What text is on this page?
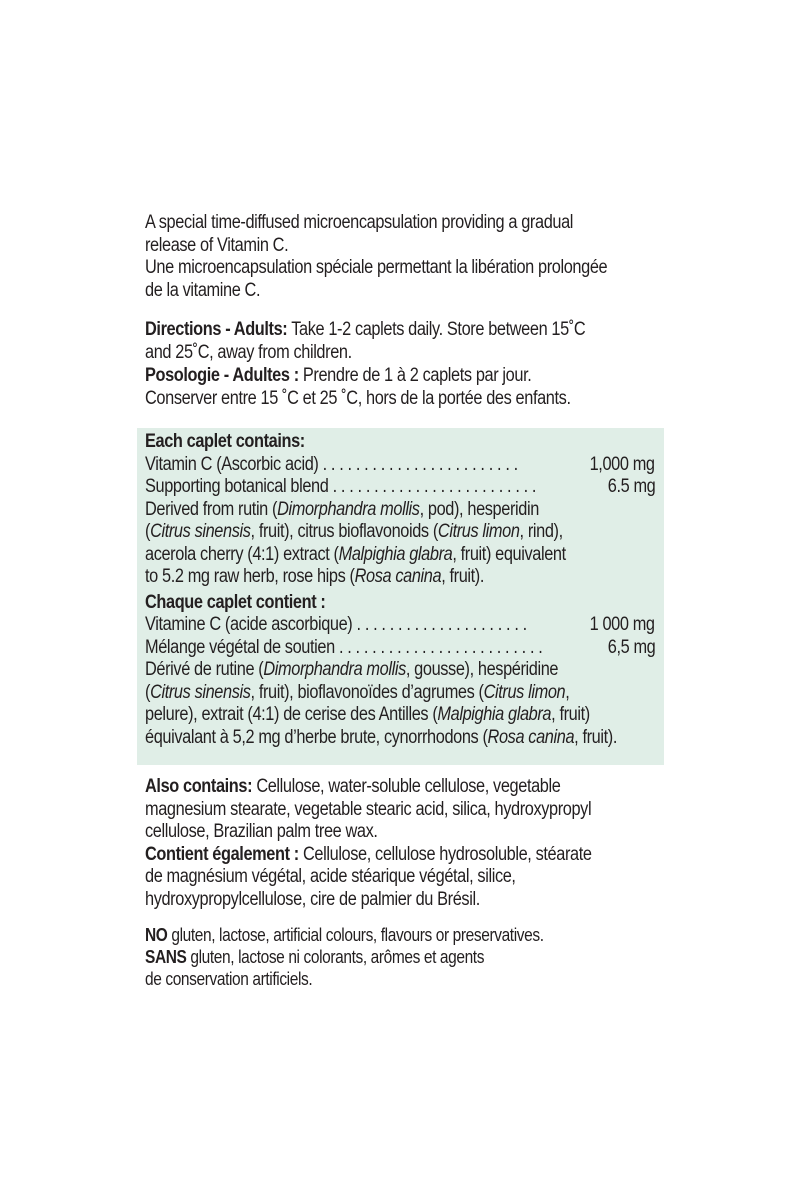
A special time-diffused microencapsulation providing a gradual
release of Vitamin C.
Une microencapsulation spéciale permettant la libération prolongée
de la vitamine C.
Directions - Adults: Take 1-2 caplets daily. Store between 15˚C
and 25˚C, away from children.
Posologie - Adultes : Prendre de 1 à 2 caplets par jour.
Conserver entre 15 ˚C et 25 ˚C, hors de la portée des enfants.
Each caplet contains:
Vitamin C (Ascorbic acid) . . . . . . . . . . . . . . . . . . . . . . . .	1,000 mg
Supporting botanical blend . . . . . . . . . . . . . . . . . . . . . . . . .	6.5 mg
Derived from rutin (Dimorphandra mollis, pod), hesperidin
(Citrus sinensis, fruit), citrus bioflavonoids (Citrus limon, rind),
acerola cherry (4:1) extract (Malpighia glabra, fruit) equivalent
to 5.2 mg raw herb, rose hips (Rosa canina, fruit).
Chaque caplet contient :
Vitamine C (acide ascorbique) . . . . . . . . . . . . . . . . . . . . .	1 000 mg
Mélange végétal de soutien . . . . . . . . . . . . . . . . . . . . . . . . .	6,5 mg
Dérivé de rutine (Dimorphandra mollis, gousse), hespéridine
(Citrus sinensis, fruit), bioflavonoïdes d’agrumes (Citrus limon,
pelure), extrait (4:1) de cerise des Antilles (Malpighia glabra, fruit)
équivalant à 5,2 mg d’herbe brute, cynorrhodons (Rosa canina, fruit).
Also contains: Cellulose, water-soluble cellulose, vegetable
magnesium stearate, vegetable stearic acid, silica, hydroxypropyl
cellulose, Brazilian palm tree wax.
Contient également : Cellulose, cellulose hydrosoluble, stéarate
de magnésium végétal, acide stéarique végétal, silice,
hydroxypropylcellulose, cire de palmier du Brésil.
NO gluten, lactose, artificial colours, flavours or preservatives.
SANS gluten, lactose ni colorants, arômes et agents
de conservation artificiels.
